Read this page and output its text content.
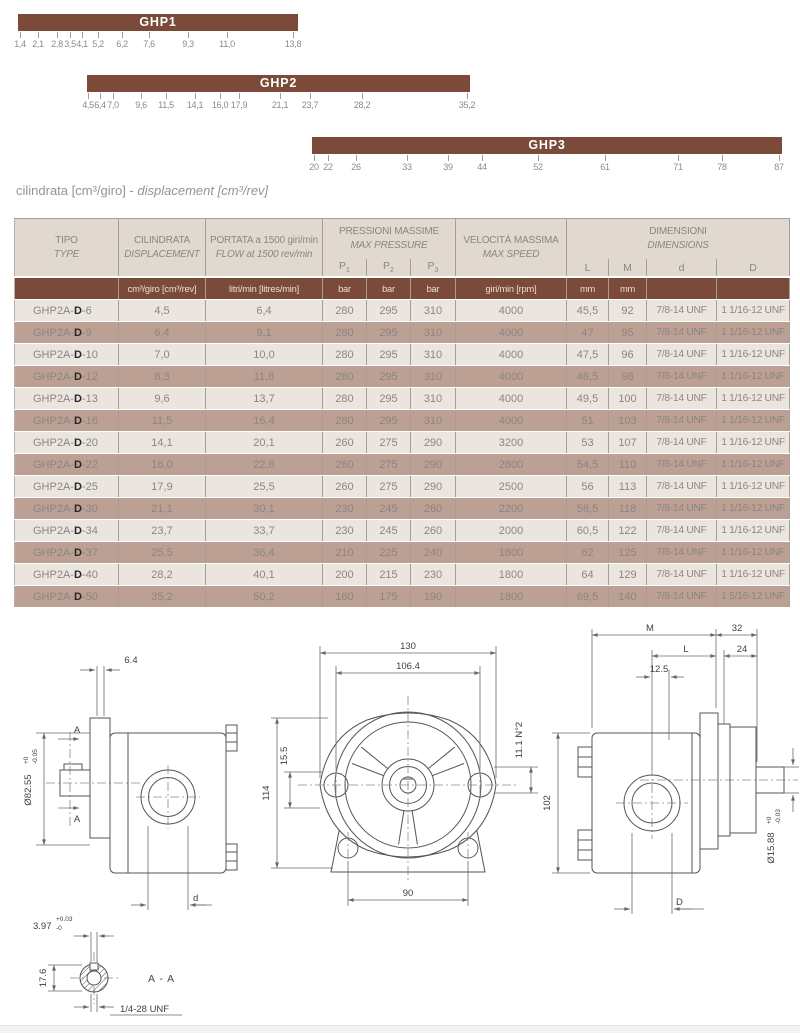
GHP1
1,4 2,1 2,8 3,5 4,1 5,2 6,2 7,6	9,3	11,0	13,8
GHP2
4,5 6,4 7,0 9,6 11,5 14,1 16,0 17,9	21,1 23,7	28,2	35,2
GHP3
20 22 26	33	39	44	52	61	71	78	87
cilindrata [cm³/giro] - displacement [cm³/rev]
TIPO
TYPE

CILINDRATA
DISPLACEMENT

PORTATA a 1500 giri/min
FLOW at 1500 rev/min

PRESSIONI MASSIME
MAX PRESSURE	VELOCITÀ MASSIMA
MAX SPEED

DIMENSIONI
DIMENSIONS

			$P_1$	$P_2$	$P_3$		L	M	d	D
	cm³/giro [cm³/rev]	litri/min [litres/min]	bar	bar	bar	giri/min [rpm]	mm	mm		
GHP2A-D-6	4,5	6,4	280	295	310	4000	45,5	92	7/8-14 UNF	1 1/16-12 UNF
GHP2A-D-9	6,4	9,1	280	295	310	4000	47	95	7/8-14 UNF	1 1/16-12 UNF
GHP2A-D-10	7,0	10,0	280	295	310	4000	47,5	96	7/8-14 UNF	1 1/16-12 UNF
GHP2A-D-12	8,3	11,8	280	295	310	4000	48,5	98	7/8-14 UNF	1 1/16-12 UNF
GHP2A-D-13	9,6	13,7	280	295	310	4000	49,5	100	7/8-14 UNF	1 1/16-12 UNF
GHP2A-D-16	11,5	16,4	280	295	310	4000	51	103	7/8-14 UNF	1 1/16-12 UNF
GHP2A-D-20	14,1	20,1	260	275	290	3200	53	107	7/8-14 UNF	1 1/16-12 UNF
GHP2A-D-22	16,0	22,8	260	275	290	2800	54,5	110	7/8-14 UNF	1 1/16-12 UNF
GHP2A-D-25	17,9	25,5	260	275	290	2500	56	113	7/8-14 UNF	1 1/16-12 UNF
GHP2A-D-30	21,1	30,1	230	245	260	2200	58,5	118	7/8-14 UNF	1 1/16-12 UNF
GHP2A-D-34	23,7	33,7	230	245	260	2000	60,5	122	7/8-14 UNF	1 1/16-12 UNF
GHP2A-D-37	25,5	36,4	210	225	240	1800	62	125	7/8-14 UNF	1 1/16-12 UNF
GHP2A-D-40	28,2	40,1	200	215	230	1800	64	129	7/8-14 UNF	1 1/16-12 UNF
GHP2A-D-50	35,2	50,2	160	175	190	1800	69,5	140	7/8-14 UNF	1 5/16-12 UNF
6.4
Ø82.55
+0 -0.05
A
A
d
130
106.4
114
15.5	11.1 N°2
90
M	32
L	24
12.5
102
Ø15.88
+0 -0.03
D
3.97
+0.03
-0
17.6	A - A
1/4-28 UNF
